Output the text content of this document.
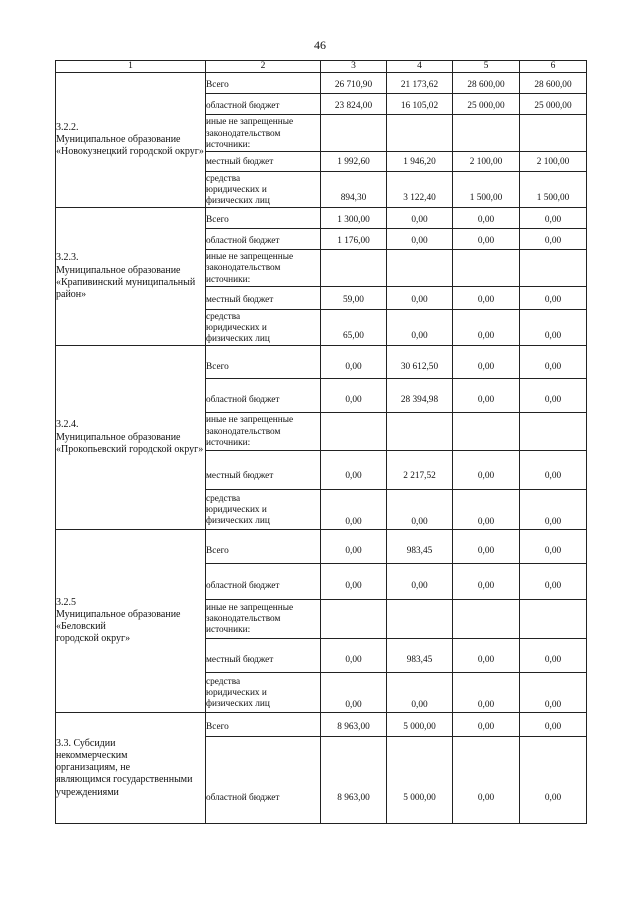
46
1	2	3	4	5	6

3.2.2.
Муниципальное образование
«Новокузнецкий городской округ»	Всего	26 710,90	21 173,62	28 600,00	28 600,00

	областной бюджет	23 824,00	16 105,02	25 000,00	25 000,00

	иные не запрещенные
законодательством
источники:				

	местный бюджет	1 992,60	1 946,20	2 100,00	2 100,00

	средства
юридических и
физических лиц	894,30	3 122,40	1 500,00	1 500,00

3.2.3.
Муниципальное образование
«Крапивинский муниципальный район»	Всего	1 300,00	0,00	0,00	0,00

	областной бюджет	1 176,00	0,00	0,00	0,00

	иные не запрещенные
законодательством
источники:				

	местный бюджет	59,00	0,00	0,00	0,00

	средства
юридических и
физических лиц	65,00	0,00	0,00	0,00

3.2.4.
Муниципальное образование
«Прокопьевский городской округ»	Всего	0,00	30 612,50	0,00	0,00

	областной бюджет	0,00	28 394,98	0,00	0,00

	иные не запрещенные
законодательством
источники:				

	местный бюджет	0,00	2 217,52	0,00	0,00

	средства
юридических и
физических лиц	0,00	0,00	0,00	0,00

3.2.5
Муниципальное образование «Беловский
городской округ»	Всего	0,00	983,45	0,00	0,00

	областной бюджет	0,00	0,00	0,00	0,00

	иные не запрещенные
законодательством
источники:				

	местный бюджет	0,00	983,45	0,00	0,00

	средства
юридических и
физических лиц	0,00	0,00	0,00	0,00

3.3. Субсидии
некоммерческим
организациям, не
являющимся государственными
учреждениями	Всего	8 963,00	5 000,00	0,00	0,00

	областной бюджет	8 963,00	5 000,00	0,00	0,00
